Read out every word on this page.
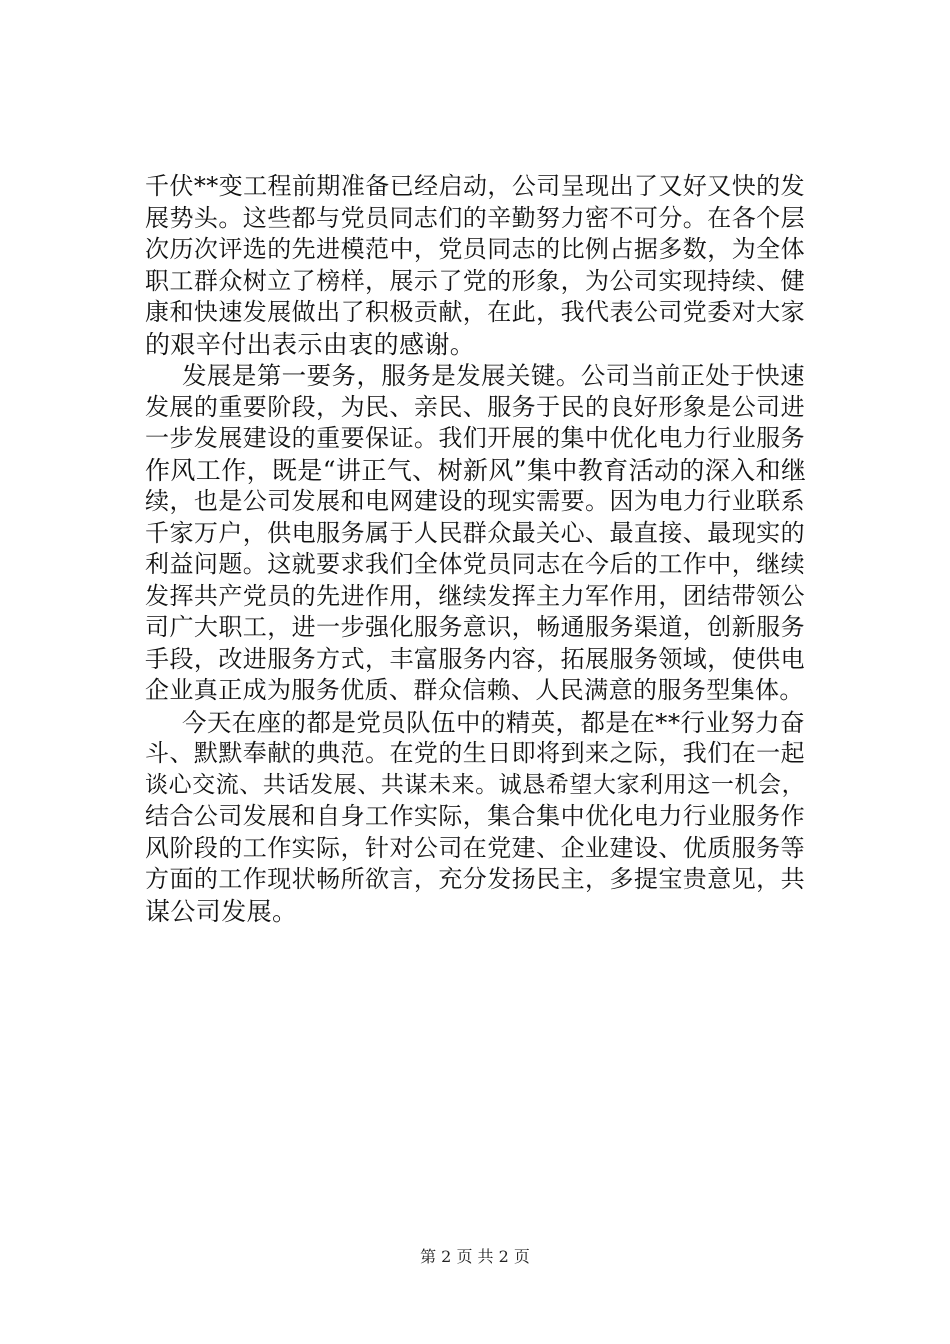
千伏**变工程前期准备已经启动，公司呈现出了又好又快的发
展势头。这些都与党员同志们的辛勤努力密不可分。在各个层
次历次评选的先进模范中，党员同志的比例占据多数，为全体
职工群众树立了榜样，展示了党的形象，为公司实现持续、健
康和快速发展做出了积极贡献，在此，我代表公司党委对大家
的艰辛付出表示由衷的感谢。
发展是第一要务，服务是发展关键。公司当前正处于快速
发展的重要阶段，为民、亲民、服务于民的良好形象是公司进
一步发展建设的重要保证。我们开展的集中优化电力行业服务
作风工作，既是“讲正气、树新风”集中教育活动的深入和继
续，也是公司发展和电网建设的现实需要。因为电力行业联系
千家万户，供电服务属于人民群众最关心、最直接、最现实的
利益问题。这就要求我们全体党员同志在今后的工作中，继续
发挥共产党员的先进作用，继续发挥主力军作用，团结带领公
司广大职工，进一步强化服务意识，畅通服务渠道，创新服务
手段，改进服务方式，丰富服务内容，拓展服务领域，使供电
企业真正成为服务优质、群众信赖、人民满意的服务型集体。
今天在座的都是党员队伍中的精英，都是在**行业努力奋
斗、默默奉献的典范。在党的生日即将到来之际，我们在一起
谈心交流、共话发展、共谋未来。诚恳希望大家利用这一机会，
结合公司发展和自身工作实际，集合集中优化电力行业服务作
风阶段的工作实际，针对公司在党建、企业建设、优质服务等
方面的工作现状畅所欲言，充分发扬民主，多提宝贵意见，共
谋公司发展。
第 2 页 共 2 页
